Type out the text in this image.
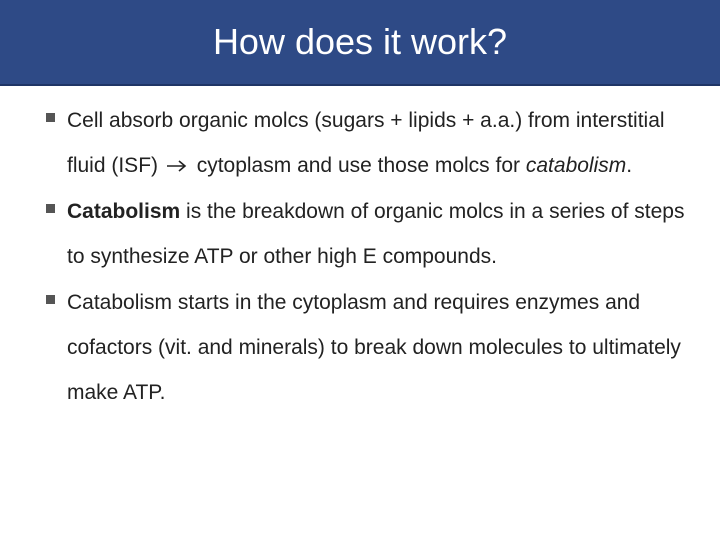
How does it work?
Cell absorb organic molcs (sugars + lipids + a.a.) from interstitial fluid (ISF) cytoplasm and use those molcs for catabolism.
Catabolism is the breakdown of organic molcs in a series of steps to synthesize ATP or other high E compounds.
Catabolism starts in the cytoplasm and requires enzymes and cofactors (vit. and minerals) to break down molecules to ultimately make ATP.
